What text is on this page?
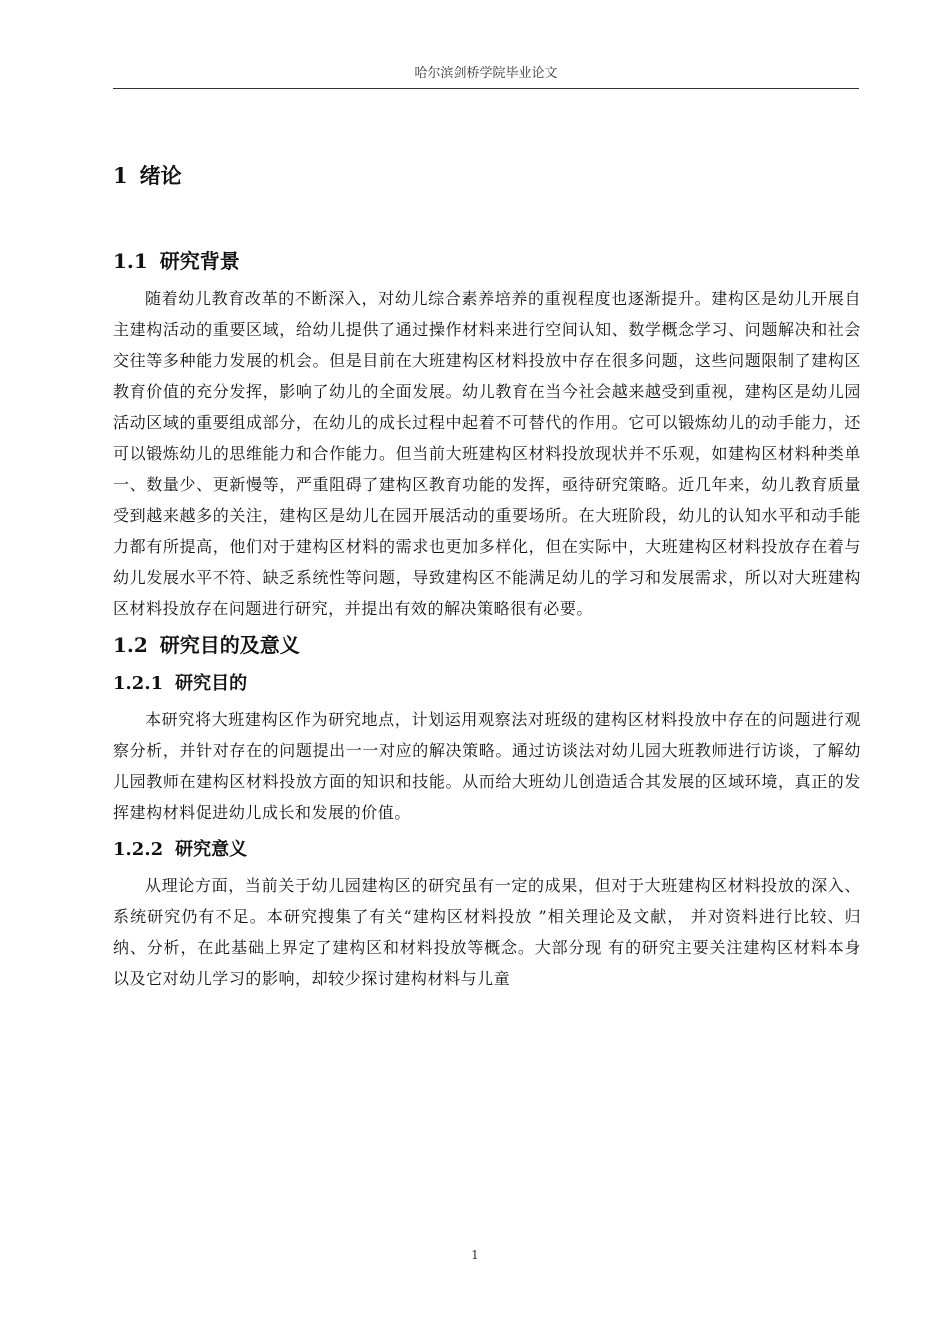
哈尔滨剑桥学院毕业论文
1 绪论
1.1 研究背景

随着幼儿教育改革的不断深入，对幼儿综合素养培养的重视程度也逐渐提升。建构区是幼儿开展自主建构活动的重要区域，给幼儿提供了通过操作材料来进行空间认知、数学概念学习、问题解决和社会交往等多种能力发展的机会。但是目前在大班建构区材料投放中存在很多问题，这些问题限制了建构区教育价值的充分发挥，影响了幼儿的全面发展。幼儿教育在当今社会越来越受到重视，建构区是幼儿园活动区域的重要组成部分，在幼儿的成长过程中起着不可替代的作用。它可以锻炼幼儿的动手能力，还可以锻炼幼儿的思维能力和合作能力。但当前大班建构区材料投放现状并不乐观，如建构区材料种类单一、数量少、更新慢等，严重阻碍了建构区教育功能的发挥，亟待研究策略。近几年来，幼儿教育质量受到越来越多的关注，建构区是幼儿在园开展活动的重要场所。在大班阶段，幼儿的认知水平和动手能力都有所提高，他们对于建构区材料的需求也更加多样化，但在实际中，大班建构区材料投放存在着与幼儿发展水平不符、缺乏系统性等问题，导致建构区不能满足幼儿的学习和发展需求，所以对大班建构区材料投放存在问题进行研究，并提出有效的解决策略很有必要。

1.2 研究目的及意义
1.2.1 研究目的

本研究将大班建构区作为研究地点，计划运用观察法对班级的建构区材料投放中存在的问题进行观察分析，并针对存在的问题提出一一对应的解决策略。通过访谈法对幼儿园大班教师进行访谈，了解幼儿园教师在建构区材料投放方面的知识和技能。从而给大班幼儿创造适合其发展的区域环境，真正的发挥建构材料促进幼儿成长和发展的价值。

1.2.2 研究意义

从理论方面，当前关于幼儿园建构区的研究虽有一定的成果，但对于大班建构区材料投放的深入、系统研究仍有不足。本研究搜集了有关“建构区材料投放 ”相关理论及文献， 并对资料进行比较、归纳、分析，在此基础上界定了建构区和材料投放等概念。大部分现 有的研究主要关注建构区材料本身以及它对幼儿学习的影响，却较少探讨建构材料与儿童

1
